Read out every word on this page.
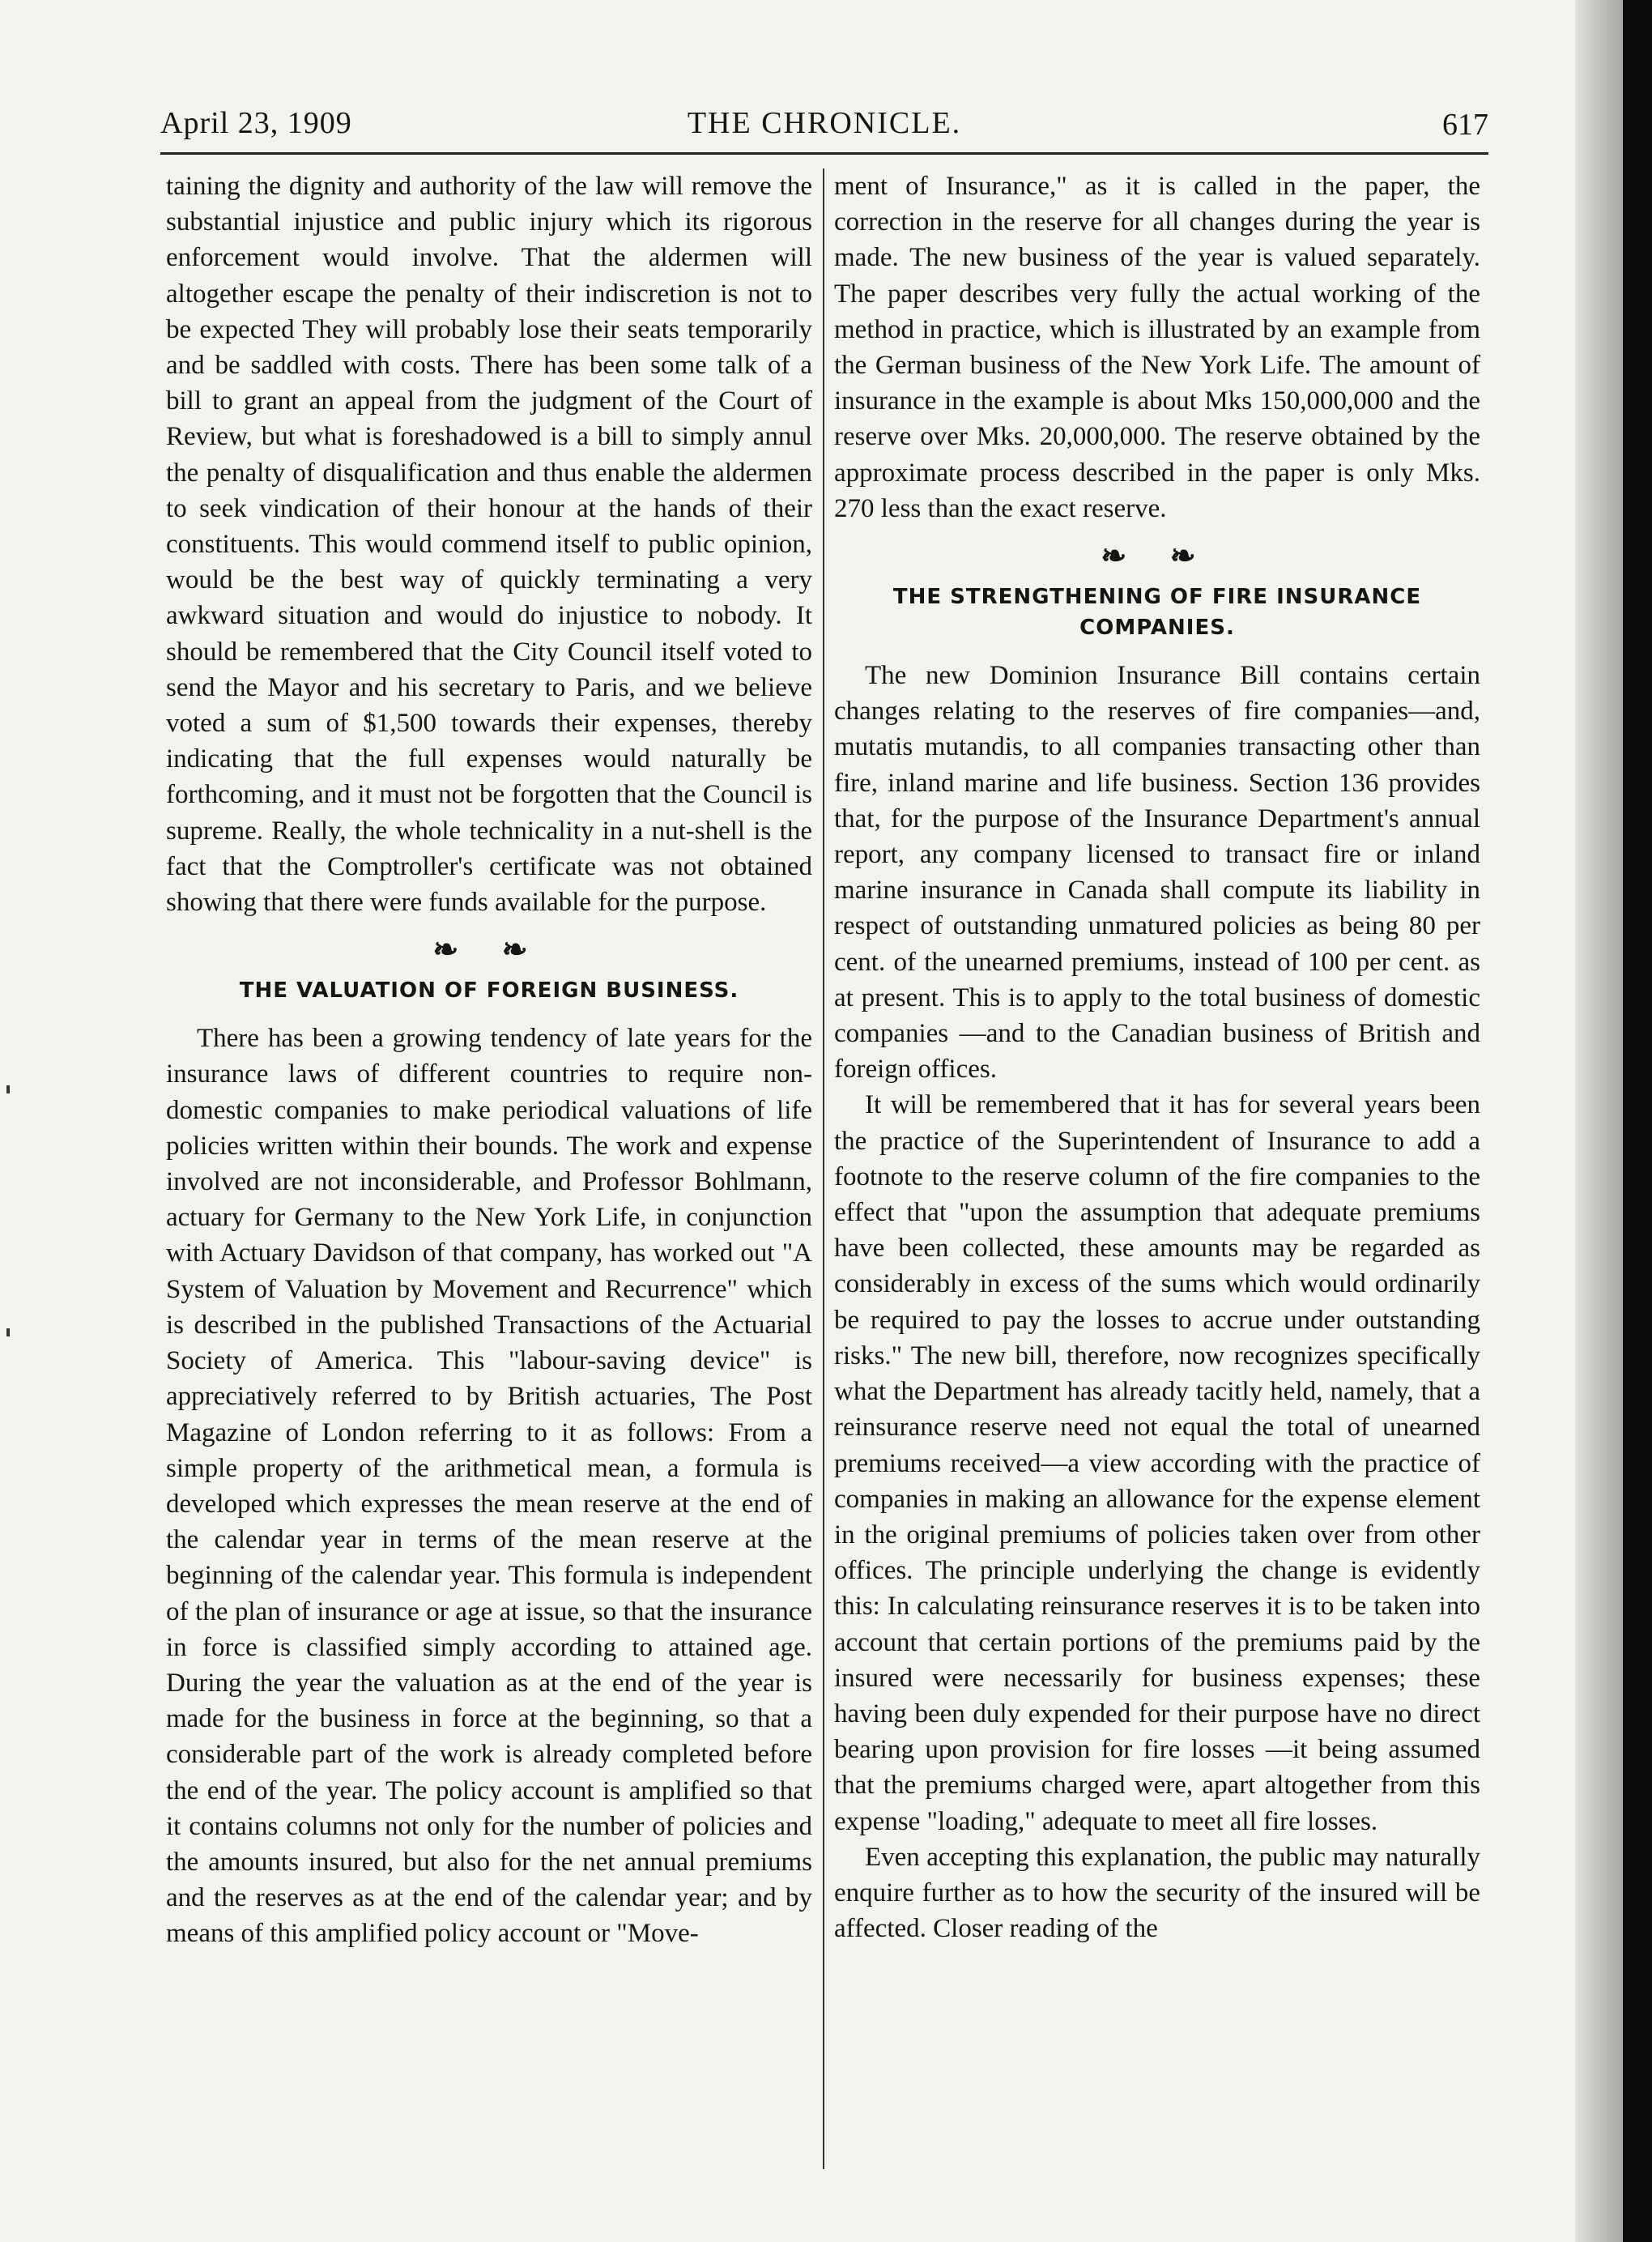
April 23, 1909	THE CHRONICLE.	617

taining the dignity and authority of the law will remove the substantial injustice and public injury which its rigorous enforcement would involve. That the aldermen will altogether escape the penalty of their indiscretion is not to be expected They will probably lose their seats temporarily and be saddled with costs. There has been some talk of a bill to grant an appeal from the judgment of the Court of Review, but what is foreshadowed is a bill to simply annul the penalty of disqualification and thus enable the aldermen to seek vindication of their honour at the hands of their constituents. This would commend itself to public opinion, would be the best way of quickly terminating a very awkward situation and would do injustice to nobody. It should be remembered that the City Council itself voted to send the Mayor and his secretary to Paris, and we believe voted a sum of $1,500 towards their expenses, thereby indicating that the full expenses would naturally be forthcoming, and it must not be forgotten that the Council is supreme. Really, the whole technicality in a nut-shell is the fact that the Comptroller's certificate was not obtained showing that there were funds available for the purpose.

❧ ❧
THE VALUATION OF FOREIGN BUSINESS.

There has been a growing tendency of late years for the insurance laws of different countries to require non-domestic companies to make periodical valuations of life policies written within their bounds. The work and expense involved are not inconsiderable, and Professor Bohlmann, actuary for Germany to the New York Life, in conjunction with Actuary Davidson of that company, has worked out "A System of Valuation by Movement and Recurrence" which is described in the published Transactions of the Actuarial Society of America. This "labour-saving device" is appreciatively referred to by British actuaries, The Post Magazine of London referring to it as follows: From a simple property of the arithmetical mean, a formula is developed which expresses the mean reserve at the end of the calendar year in terms of the mean reserve at the beginning of the calendar year. This formula is independent of the plan of insurance or age at issue, so that the insurance in force is classified simply according to attained age. During the year the valuation as at the end of the year is made for the business in force at the beginning, so that a considerable part of the work is already completed before the end of the year. The policy account is amplified so that it contains columns not only for the number of policies and the amounts insured, but also for the net annual premiums and the reserves as at the end of the calendar year; and by means of this amplified policy account or "Move-

ment of Insurance," as it is called in the paper, the correction in the reserve for all changes during the year is made. The new business of the year is valued separately. The paper describes very fully the actual working of the method in practice, which is illustrated by an example from the German business of the New York Life. The amount of insurance in the example is about Mks 150,000,000 and the reserve over Mks. 20,000,000. The reserve obtained by the approximate process described in the paper is only Mks. 270 less than the exact reserve.

❧ ❧
THE STRENGTHENING OF FIRE INSURANCE
COMPANIES.

The new Dominion Insurance Bill contains certain changes relating to the reserves of fire companies—and, mutatis mutandis, to all companies transacting other than fire, inland marine and life business. Section 136 provides that, for the purpose of the Insurance Department's annual report, any company licensed to transact fire or inland marine insurance in Canada shall compute its liability in respect of outstanding unmatured policies as being 80 per cent. of the unearned premiums, instead of 100 per cent. as at present. This is to apply to the total business of domestic companies —and to the Canadian business of British and foreign offices.

It will be remembered that it has for several years been the practice of the Superintendent of Insurance to add a footnote to the reserve column of the fire companies to the effect that "upon the assumption that adequate premiums have been collected, these amounts may be regarded as considerably in excess of the sums which would ordinarily be required to pay the losses to accrue under outstanding risks." The new bill, therefore, now recognizes specifically what the Department has already tacitly held, namely, that a reinsurance reserve need not equal the total of unearned premiums received—a view according with the practice of companies in making an allowance for the expense element in the original premiums of policies taken over from other offices. The principle underlying the change is evidently this: In calculating reinsurance reserves it is to be taken into account that certain portions of the premiums paid by the insured were necessarily for business expenses; these having been duly expended for their purpose have no direct bearing upon provision for fire losses —it being assumed that the premiums charged were, apart altogether from this expense "loading," adequate to meet all fire losses.

Even accepting this explanation, the public may naturally enquire further as to how the security of the insured will be affected. Closer reading of the
